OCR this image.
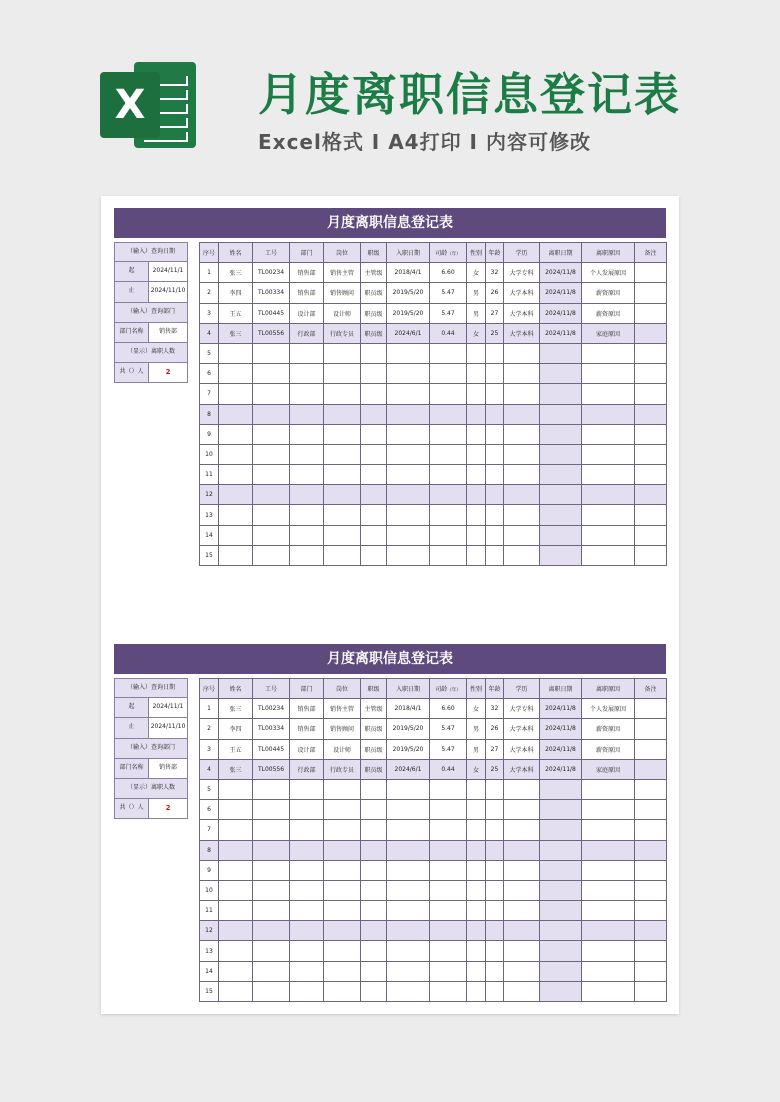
X	月度离职信息登记表
Excel格式 I A4打印 I 内容可修改
月度离职信息登记表
（输入）查询日期
起	2024/11/1
止	2024/11/10
（输入）查询部门
部门名称	销售部
（显示）离职人数
共（）人	2
序号	姓名	工号	部门	岗位	职级	入职日期	司龄（年）	性别	年龄	学历	离职日期	离职原因	备注
1	张三	TL00234	销售部	销售主管	主管级	2018/4/1	6.60	女	32	大学专科	2024/11/8	个人发展原因	
2	李四	TL00334	销售部	销售顾问	职员级	2019/5/20	5.47	男	26	大学本科	2024/11/8	薪资原因	
3	王五	TL00445	设计部	设计师	职员级	2019/5/20	5.47	男	27	大学本科	2024/11/8	薪资原因	
4	张三	TL00556	行政部	行政专员	职员级	2024/6/1	0.44	女	25	大学本科	2024/11/8	家庭原因	
5													
6													
7													
8													
9													
10													
11													
12													
13													
14													
15													
月度离职信息登记表
（输入）查询日期
起	2024/11/1
止	2024/11/10
（输入）查询部门
部门名称	销售部
（显示）离职人数
共（）人	2
序号	姓名	工号	部门	岗位	职级	入职日期	司龄（年）	性别	年龄	学历	离职日期	离职原因	备注
1	张三	TL00234	销售部	销售主管	主管级	2018/4/1	6.60	女	32	大学专科	2024/11/8	个人发展原因	
2	李四	TL00334	销售部	销售顾问	职员级	2019/5/20	5.47	男	26	大学本科	2024/11/8	薪资原因	
3	王五	TL00445	设计部	设计师	职员级	2019/5/20	5.47	男	27	大学本科	2024/11/8	薪资原因	
4	张三	TL00556	行政部	行政专员	职员级	2024/6/1	0.44	女	25	大学本科	2024/11/8	家庭原因	
5													
6													
7													
8													
9													
10													
11													
12													
13													
14													
15													
